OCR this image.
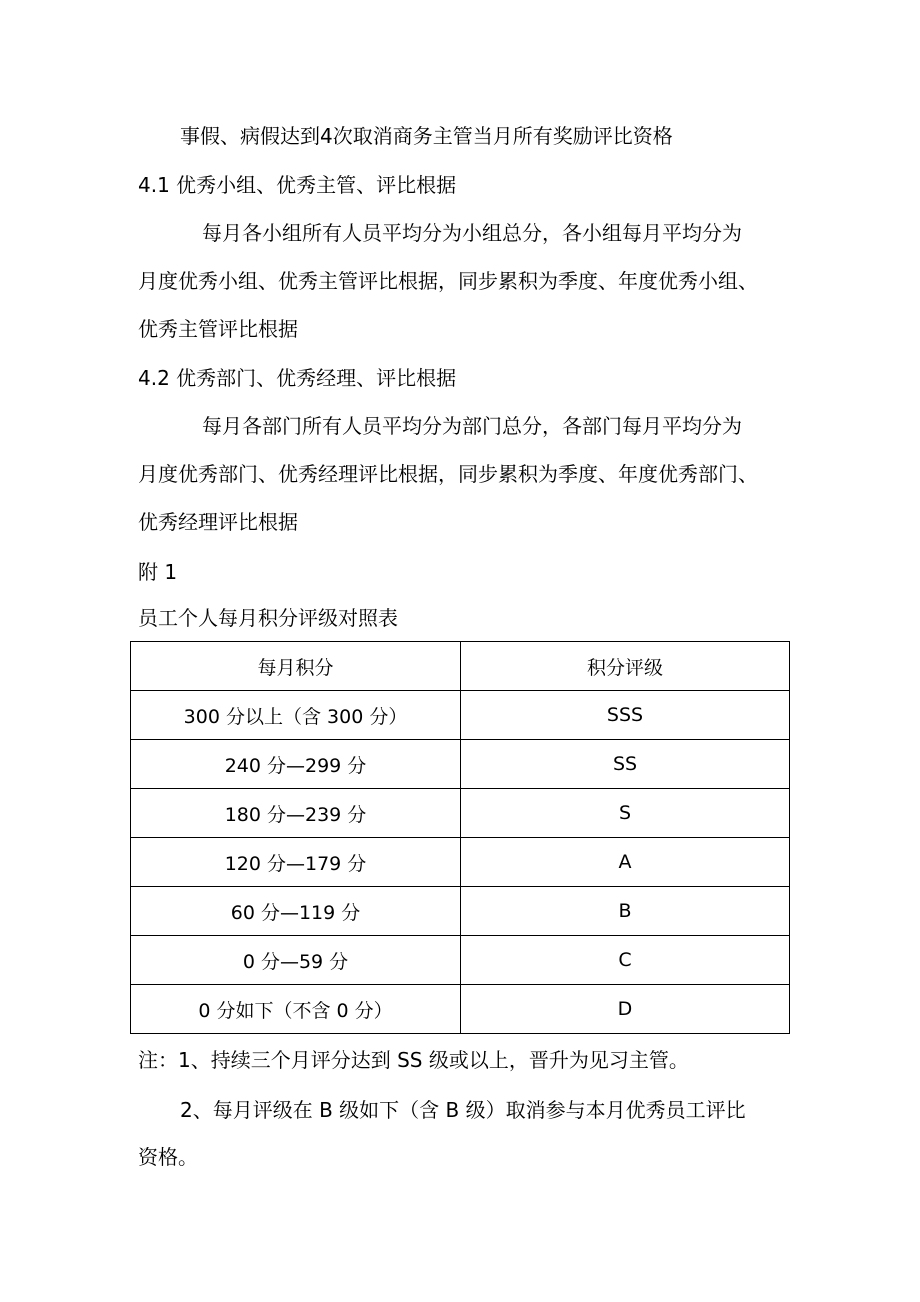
事假、病假达到4次取消商务主管当月所有奖励评比资格
4.1 优秀小组、优秀主管、评比根据
每月各小组所有人员平均分为小组总分，各小组每月平均分为
月度优秀小组、优秀主管评比根据，同步累积为季度、年度优秀小组、
优秀主管评比根据
4.2 优秀部门、优秀经理、评比根据
每月各部门所有人员平均分为部门总分，各部门每月平均分为
月度优秀部门、优秀经理评比根据，同步累积为季度、年度优秀部门、
优秀经理评比根据
附 1
员工个人每月积分评级对照表
每月积分	积分评级
300 分以上（含 300 分）	SSS
240 分—299 分	SS
180 分—239 分	S
120 分—179 分	A
60 分—119 分	B
0 分—59 分	C
0 分如下（不含 0 分）	D
注：1、持续三个月评分达到 SS 级或以上，晋升为见习主管。
2、每月评级在 B 级如下（含 B 级）取消参与本月优秀员工评比
资格。
